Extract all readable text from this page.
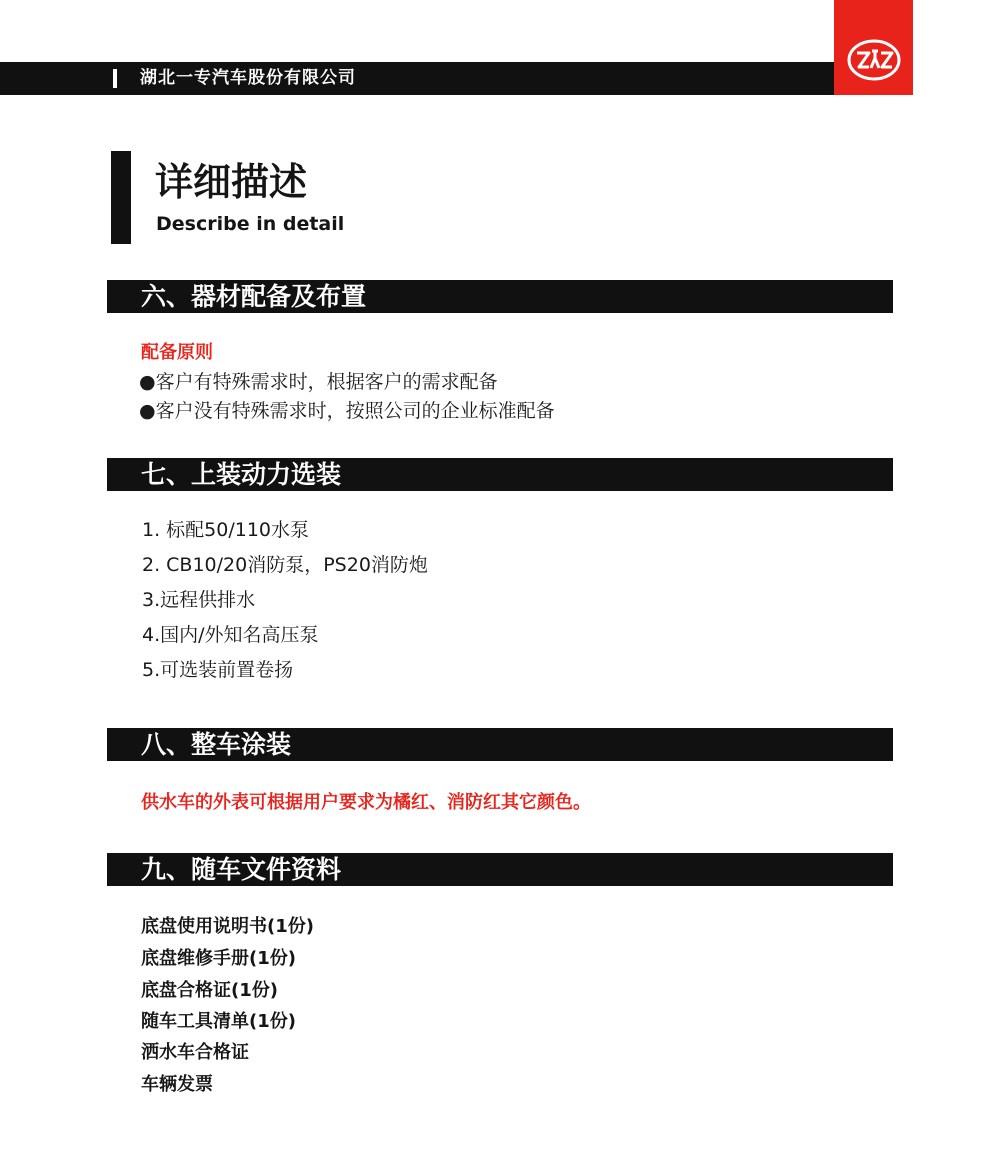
湖北一专汽车股份有限公司
详细描述
Describe in detail
六、器材配备及布置
配备原则
●客户有特殊需求时，根据客户的需求配备
●客户没有特殊需求时，按照公司的企业标准配备
七、上装动力选装
1. 标配50/110水泵
2. CB10/20消防泵，PS20消防炮
3.远程供排水
4.国内/外知名高压泵
5.可选装前置卷扬
八、整车涂装
供水车的外表可根据用户要求为橘红、消防红其它颜色。
九、随车文件资料
底盘使用说明书(1份)
底盘维修手册(1份)
底盘合格证(1份)
随车工具清单(1份)
洒水车合格证
车辆发票
